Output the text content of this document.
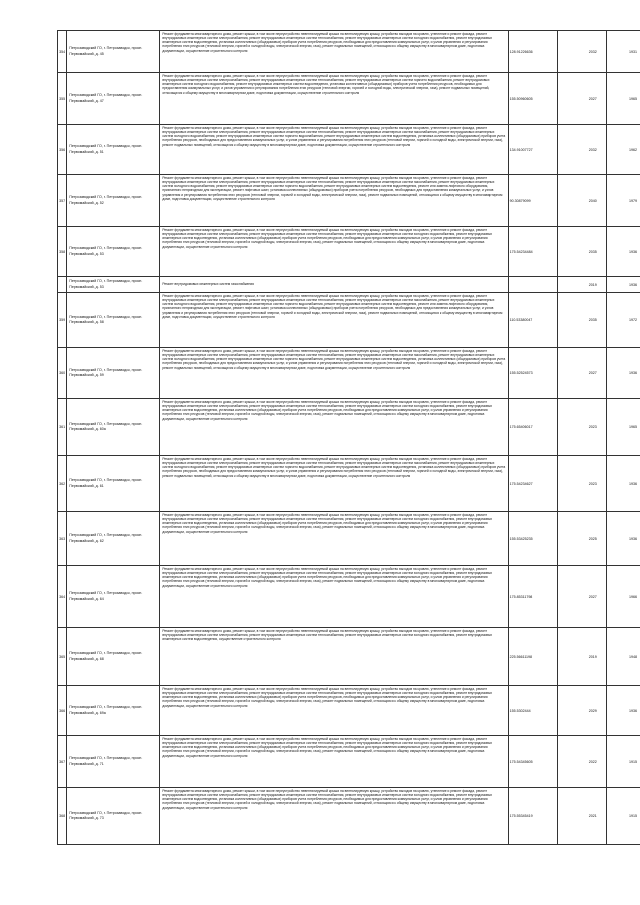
354	Петрозаводский ГО, г. Петрозаводск, просп. Первомайский, д. 45	Ремонт фундамента многоквартирного дома, ремонт крыши, в том числе переустройство невентилируемой крыши на вентилируемую крышу, устройство выходов на кровлю, утепление и ремонт фасада, ремонт внутридомовых инженерных систем электроснабжения, ремонт внутридомовых инженерных систем теплоснабжения, ремонт внутридомовых инженерных систем холодного водоснабжения, ремонт внутридомовых инженерных систем водоотведения, установка коллективных (общедомовых) приборов учета потребления ресурсов, необходимых для предоставления коммунальных услуг, и узлов управления и регулирования потребления этих ресурсов (тепловой энергии, горячей и холодной воды, электрической энергии, газа), ремонт подвальных помещений, относящихся к общему имуществу в многоквартирном доме, подготовка документации, осуществление строительного контроля	128.91226636	2032	1931
355	Петрозаводский ГО, г. Петрозаводск, просп. Первомайский, д. 47	Ремонт фундамента многоквартирного дома, ремонт крыши, в том числе переустройство невентилируемой крыши на вентилируемую крышу, устройство выходов на кровлю, утепление и ремонт фасада, ремонт внутридомовых инженерных систем электроснабжения, ремонт внутридомовых инженерных систем теплоснабжения, ремонт внутридомовых инженерных систем горячего водоснабжения, ремонт внутридомовых инженерных систем холодного водоснабжения, ремонт внутридомовых инженерных систем водоотведения, установка коллективных (общедомовых) приборов учета потребления ресурсов, необходимых для предоставления коммунальных услуг, и узлов управления и регулирования потребления этих ресурсов (тепловой энергии, горячей и холодной воды, электрической энергии, газа), ремонт подвальных помещений, относящихся к общему имуществу в многоквартирном доме, подготовка документации, осуществление строительного контроля	155.50960605	2027	1965
356	Петрозаводский ГО, г. Петрозаводск, просп. Первомайский, д. 51	Ремонт фундамента многоквартирного дома, ремонт крыши, в том числе переустройство невентилируемой крыши на вентилируемую крышу, устройство выходов на кровлю, утепление и ремонт фасада, ремонт внутридомовых инженерных систем электроснабжения, ремонт внутридомовых инженерных систем теплоснабжения, ремонт внутридомовых инженерных систем газоснабжения, ремонт внутридомовых инженерных систем холодного водоснабжения, ремонт внутридомовых инженерных систем горячего водоснабжения, ремонт внутридомовых инженерных систем водоотведения, установка коллективных (общедомовых) приборов учета потребления ресурсов, необходимых для предоставления коммунальных услуг, и узлов управления и регулирования потребления этих ресурсов (тепловой энергии, горячей и холодной воды, электрической энергии, газа), ремонт подвальных помещений, относящихся к общему имуществу в многоквартирном доме, подготовка документации, осуществление строительного контроля	134.91007727	2032	1962
357	Петрозаводский ГО, г. Петрозаводск, просп. Первомайский, д. 52	Ремонт фундамента многоквартирного дома, ремонт крыши, в том числе переустройство невентилируемой крыши на вентилируемую крышу, устройство выходов на кровлю, утепление и ремонт фасада, ремонт внутридомовых инженерных систем электроснабжения, ремонт внутридомовых инженерных систем теплоснабжения, ремонт внутридомовых инженерных систем газоснабжения, ремонт внутридомовых инженерных систем холодного водоснабжения, ремонт внутридомовых инженерных систем горячего водоснабжения, ремонт внутридомовых инженерных систем водоотведения, ремонт или замена лифтового оборудования, признанного непригодным для эксплуатации, ремонт лифтовых шахт, установка коллективных (общедомовых) приборов учета потребления ресурсов, необходимых для предоставления коммунальных услуг, и узлов управления и регулирования потребления этих ресурсов (тепловой энергии, горячей и холодной воды, электрической энергии, газа), ремонт подвальных помещений, относящихся к общему имуществу в многоквартирном доме, подготовка документации, осуществление строительного контроля	90.30879099	2040	1979
358	Петрозаводский ГО, г. Петрозаводск, просп. Первомайский, д. 53	Ремонт фундамента многоквартирного дома, ремонт крыши, в том числе переустройство невентилируемой крыши на вентилируемую крышу, устройство выходов на кровлю, утепление и ремонт фасада, ремонт внутридомовых инженерных систем электроснабжения, ремонт внутридомовых инженерных систем теплоснабжения, ремонт внутридомовых инженерных систем холодного водоснабжения, ремонт внутридомовых инженерных систем водоотведения, установка коллективных (общедомовых) приборов учета потребления ресурсов, необходимых для предоставления коммунальных услуг, и узлов управления и регулирования потребления этих ресурсов (тепловой энергии, горячей и холодной воды, электрической энергии, газа), ремонт подвальных помещений, относящихся к общему имуществу в многоквартирном доме, подготовка документации, осуществление строительного контроля	175.54234484	2035	1936
	Петрозаводский ГО, г. Петрозаводск, просп. Первомайский, д. 53	Ремонт внутридомовых инженерных систем газоснабжения		2019	1936
359	Петрозаводский ГО, г. Петрозаводск, просп. Первомайский, д. 58	Ремонт фундамента многоквартирного дома, ремонт крыши, в том числе переустройство невентилируемой крыши на вентилируемую крышу, устройство выходов на кровлю, утепление и ремонт фасада, ремонт внутридомовых инженерных систем электроснабжения, ремонт внутридомовых инженерных систем теплоснабжения, ремонт внутридомовых инженерных систем газоснабжения, ремонт внутридомовых инженерных систем холодного водоснабжения, ремонт внутридомовых инженерных систем горячего водоснабжения, ремонт внутридомовых инженерных систем водоотведения, ремонт или замена лифтового оборудования, признанного непригодным для эксплуатации, ремонт лифтовых шахт, установка коллективных (общедомовых) приборов учета потребления ресурсов, необходимых для предоставления коммунальных услуг, и узлов управления и регулирования потребления этих ресурсов (тепловой энергии, горячей и холодной воды, электрической энергии, газа), ремонт подвальных помещений, относящихся к общему имуществу в многоквартирном доме, подготовка документации, осуществление строительного контроля	110.53380047	2035	1972
360	Петрозаводский ГО, г. Петрозаводск, просп. Первомайский, д. 59	Ремонт фундамента многоквартирного дома, ремонт крыши, в том числе переустройство невентилируемой крыши на вентилируемую крышу, устройство выходов на кровлю, утепление и ремонт фасада, ремонт внутридомовых инженерных систем электроснабжения, ремонт внутридомовых инженерных систем теплоснабжения, ремонт внутридомовых инженерных систем газоснабжения, ремонт внутридомовых инженерных систем холодного водоснабжения, ремонт внутридомовых инженерных систем горячего водоснабжения, ремонт внутридомовых инженерных систем водоотведения, установка коллективных (общедомовых) приборов учета потребления ресурсов, необходимых для предоставления коммунальных услуг, и узлов управления и регулирования потребления этих ресурсов (тепловой энергии, горячей и холодной воды, электрической энергии, газа), ремонт подвальных помещений, относящихся к общему имуществу в многоквартирном доме, подготовка документации, осуществление строительного контроля	155.52524573	2027	1936
361	Петрозаводский ГО, г. Петрозаводск, просп. Первомайский, д. 60а	Ремонт фундамента многоквартирного дома, ремонт крыши, в том числе переустройство невентилируемой крыши на вентилируемую крышу, устройство выходов на кровлю, утепление и ремонт фасада, ремонт внутридомовых инженерных систем электроснабжения, ремонт внутридомовых инженерных систем теплоснабжения, ремонт внутридомовых инженерных систем холодного водоснабжения, ремонт внутридомовых инженерных систем водоотведения, установка коллективных (общедомовых) приборов учета потребления ресурсов, необходимых для предоставления коммунальных услуг, и узлов управления и регулирования потребления этих ресурсов (тепловой энергии, горячей и холодной воды, электрической энергии, газа), ремонт подвальных помещений, относящихся к общему имуществу в многоквартирном доме, подготовка документации, осуществление строительного контроля	175.65406017	2023	1965
362	Петрозаводский ГО, г. Петрозаводск, просп. Первомайский, д. 61	Ремонт фундамента многоквартирного дома, ремонт крыши, в том числе переустройство невентилируемой крыши на вентилируемую крышу, устройство выходов на кровлю, утепление и ремонт фасада, ремонт внутридомовых инженерных систем электроснабжения, ремонт внутридомовых инженерных систем теплоснабжения, ремонт внутридомовых инженерных систем газоснабжения, ремонт внутридомовых инженерных систем холодного водоснабжения, ремонт внутридомовых инженерных систем горячего водоснабжения, ремонт внутридомовых инженерных систем водоотведения, установка коллективных (общедомовых) приборов учета потребления ресурсов, необходимых для предоставления коммунальных услуг, и узлов управления и регулирования потребления этих ресурсов (тепловой энергии, горячей и холодной воды, электрической энергии, газа), ремонт подвальных помещений, относящихся к общему имуществу в многоквартирном доме, подготовка документации, осуществление строительного контроля	175.54234627	2023	1936
363	Петрозаводский ГО, г. Петрозаводск, просп. Первомайский, д. 62	Ремонт фундамента многоквартирного дома, ремонт крыши, в том числе переустройство невентилируемой крыши на вентилируемую крышу, устройство выходов на кровлю, утепление и ремонт фасада, ремонт внутридомовых инженерных систем электроснабжения, ремонт внутридомовых инженерных систем теплоснабжения, ремонт внутридомовых инженерных систем холодного водоснабжения, ремонт внутридомовых инженерных систем водоотведения, установка коллективных (общедомовых) приборов учета потребления ресурсов, необходимых для предоставления коммунальных услуг, и узлов управления и регулирования потребления этих ресурсов (тепловой энергии, горячей и холодной воды, электрической энергии, газа), ремонт подвальных помещений, относящихся к общему имуществу в многоквартирном доме, подготовка документации, осуществление строительного контроля	155.53425235	2025	1936
364	Петрозаводский ГО, г. Петрозаводск, просп. Первомайский, д. 64	Ремонт фундамента многоквартирного дома, ремонт крыши, в том числе переустройство невентилируемой крыши на вентилируемую крышу, устройство выходов на кровлю, утепление и ремонт фасада, ремонт внутридомовых инженерных систем электроснабжения, ремонт внутридомовых инженерных систем теплоснабжения, ремонт внутридомовых инженерных систем холодного водоснабжения, ремонт внутридомовых инженерных систем водоотведения, установка коллективных (общедомовых) приборов учета потребления ресурсов, необходимых для предоставления коммунальных услуг, и узлов управления и регулирования потребления этих ресурсов (тепловой энергии, горячей и холодной воды, электрической энергии, газа), ремонт подвальных помещений, относящихся к общему имуществу в многоквартирном доме, подготовка документации, осуществление строительного контроля	175.85311798	2027	1966
365	Петрозаводский ГО, г. Петрозаводск, просп. Первомайский, д. 68	Ремонт фундамента многоквартирного дома, ремонт крыши, в том числе переустройство невентилируемой крыши на вентилируемую крышу, устройство выходов на кровлю, утепление и ремонт фасада, ремонт внутридомовых инженерных систем электроснабжения, ремонт внутридомовых инженерных систем теплоснабжения, ремонт внутридомовых инженерных систем холодного водоснабжения, ремонт внутридомовых инженерных систем водоотведения, осуществление строительного контроля	225.56611198	2019	1948
366	Петрозаводский ГО, г. Петрозаводск, просп. Первомайский, д. 69а	Ремонт фундамента многоквартирного дома, ремонт крыши, в том числе переустройство невентилируемой крыши на вентилируемую крышу, устройство выходов на кровлю, утепление и ремонт фасада, ремонт внутридомовых инженерных систем электроснабжения, ремонт внутридомовых инженерных систем теплоснабжения, ремонт внутридомовых инженерных систем холодного водоснабжения, ремонт внутридомовых инженерных систем водоотведения, установка коллективных (общедомовых) приборов учета потребления ресурсов, необходимых для предоставления коммунальных услуг, и узлов управления и регулирования потребления этих ресурсов (тепловой энергии, горячей и холодной воды, электрической энергии, газа), ремонт подвальных помещений, относящихся к общему имуществу в многоквартирном доме, подготовка документации, осуществление строительного контроля	155.5302444	2029	1936
367	Петрозаводский ГО, г. Петрозаводск, просп. Первомайский, д. 71	Ремонт фундамента многоквартирного дома, ремонт крыши, в том числе переустройство невентилируемой крыши на вентилируемую крышу, устройство выходов на кровлю, утепление и ремонт фасада, ремонт внутридомовых инженерных систем электроснабжения, ремонт внутридомовых инженерных систем теплоснабжения, ремонт внутридомовых инженерных систем холодного водоснабжения, ремонт внутридомовых инженерных систем водоотведения, установка коллективных (общедомовых) приборов учета потребления ресурсов, необходимых для предоставления коммунальных услуг, и узлов управления и регулирования потребления этих ресурсов (тепловой энергии, горячей и холодной воды, электрической энергии, газа), ремонт подвальных помещений, относящихся к общему имуществу в многоквартирном доме, подготовка документации, осуществление строительного контроля	175.54345605	2022	1915
368	Петрозаводский ГО, г. Петрозаводск, просп. Первомайский, д. 73	Ремонт фундамента многоквартирного дома, ремонт крыши, в том числе переустройство невентилируемой крыши на вентилируемую крышу, устройство выходов на кровлю, утепление и ремонт фасада, ремонт внутридомовых инженерных систем электроснабжения, ремонт внутридомовых инженерных систем теплоснабжения, ремонт внутридомовых инженерных систем холодного водоснабжения, ремонт внутридомовых инженерных систем водоотведения, установка коллективных (общедомовых) приборов учета потребления ресурсов, необходимых для предоставления коммунальных услуг, и узлов управления и регулирования потребления этих ресурсов (тепловой энергии, горячей и холодной воды, электрической энергии, газа), ремонт подвальных помещений, относящихся к общему имуществу в многоквартирном доме, подготовка документации, осуществление строительного контроля	175.55345419	2021	1915
